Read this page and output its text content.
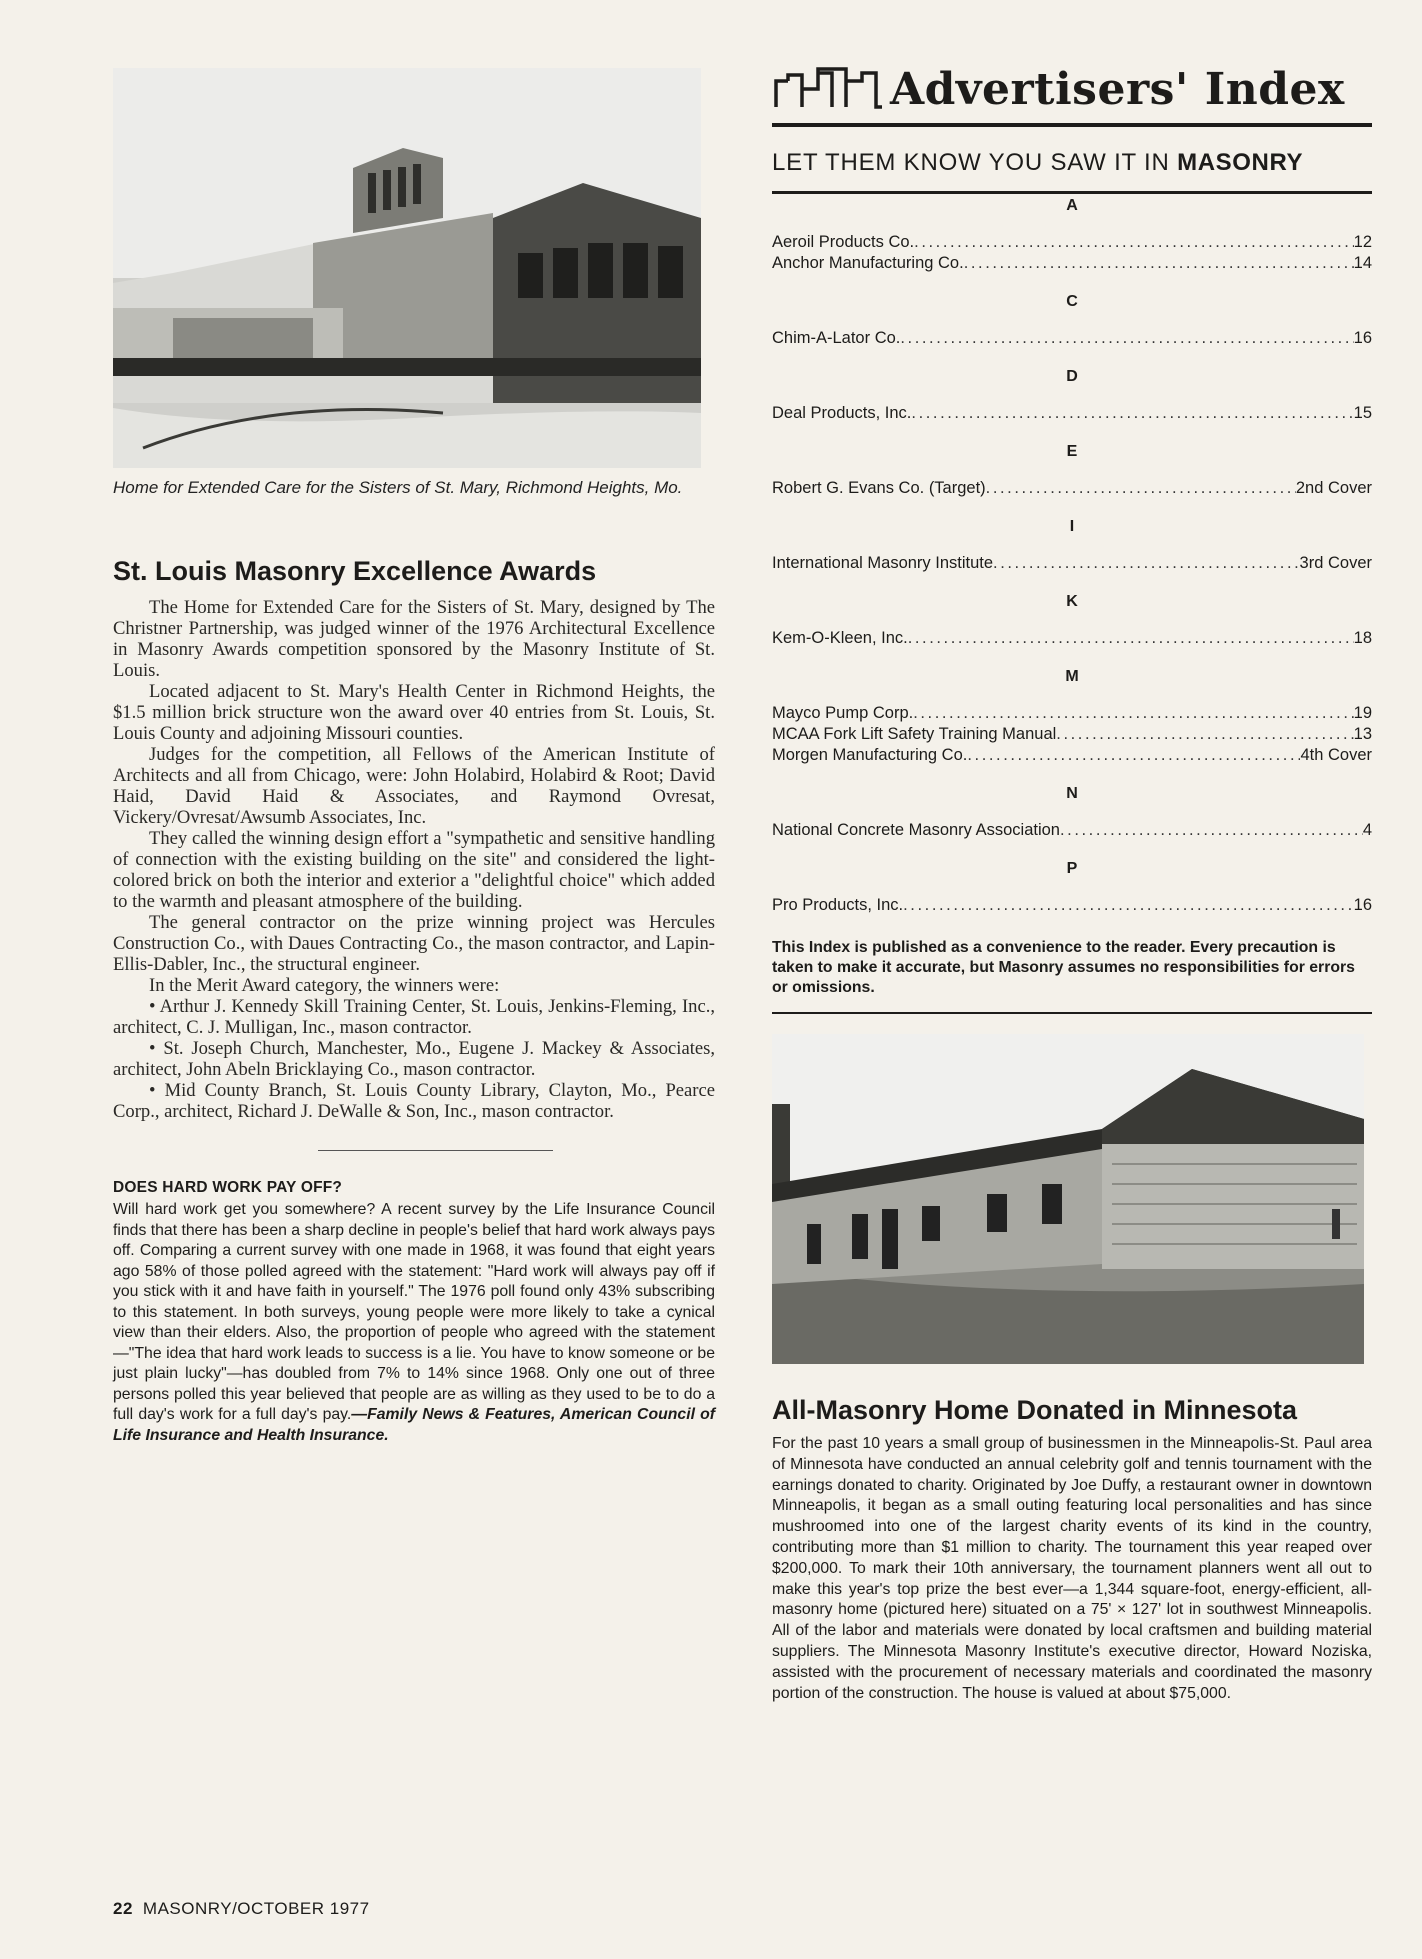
Home for Extended Care for the Sisters of St. Mary, Richmond Heights, Mo.
St. Louis Masonry Excellence Awards

The Home for Extended Care for the Sisters of St. Mary, designed by The Christner Partnership, was judged winner of the 1976 Architectural Excellence in Masonry Awards competition sponsored by the Masonry Institute of St. Louis.

Located adjacent to St. Mary's Health Center in Richmond Heights, the $1.5 million brick structure won the award over 40 entries from St. Louis, St. Louis County and adjoining Missouri counties.

Judges for the competition, all Fellows of the American Institute of Architects and all from Chicago, were: John Holabird, Holabird & Root; David Haid, David Haid & Associates, and Raymond Ovresat, Vickery/Ovresat/Awsumb Associates, Inc.

They called the winning design effort a "sympathetic and sensitive handling of connection with the existing building on the site" and considered the light-colored brick on both the interior and exterior a "delightful choice" which added to the warmth and pleasant atmosphere of the building.

The general contractor on the prize winning project was Hercules Construction Co., with Daues Contracting Co., the mason contractor, and Lapin-Ellis-Dabler, Inc., the structural engineer.

In the Merit Award category, the winners were:

• Arthur J. Kennedy Skill Training Center, St. Louis, Jenkins-Fleming, Inc., architect, C. J. Mulligan, Inc., mason contractor.

• St. Joseph Church, Manchester, Mo., Eugene J. Mackey & Associates, architect, John Abeln Bricklaying Co., mason contractor.

• Mid County Branch, St. Louis County Library, Clayton, Mo., Pearce Corp., architect, Richard J. DeWalle & Son, Inc., mason contractor.

DOES HARD WORK PAY OFF?
Will hard work get you somewhere? A recent survey by the Life Insurance Council finds that there has been a sharp decline in people's belief that hard work always pays off. Comparing a current survey with one made in 1968, it was found that eight years ago 58% of those polled agreed with the statement: "Hard work will always pay off if you stick with it and have faith in yourself." The 1976 poll found only 43% subscribing to this statement. In both surveys, young people were more likely to take a cynical view than their elders. Also, the proportion of people who agreed with the statement—"The idea that hard work leads to success is a lie. You have to know someone or be just plain lucky"—has doubled from 7% to 14% since 1968. Only one out of three persons polled this year believed that people are as willing as they used to be to do a full day's work for a full day's pay.—Family News & Features, American Council of Life Insurance and Health Insurance.
22 MASONRY/OCTOBER 1977
Advertisers' Index
LET THEM KNOW YOU SAW IT IN MASONRY
A
Aeroil Products Co. . . .	12
Anchor Manufacturing Co. . . .	14
C
Chim-A-Lator Co. . . .	16
D
Deal Products, Inc. . . .	15
E
Robert G. Evans Co. (Target) . . .	2nd Cover
I
International Masonry Institute . . .	3rd Cover
K
Kem-O-Kleen, Inc. . . .	18
M
Mayco Pump Corp. . . .	19
MCAA Fork Lift Safety Training Manual . . .	13
Morgen Manufacturing Co. . . .	4th Cover
N
National Concrete Masonry Association . . .	4
P
Pro Products, Inc. . . .	16
This Index is published as a convenience to the reader. Every precaution is taken to make it accurate, but Masonry assumes no responsibilities for errors or omissions.
All-Masonry Home Donated in Minnesota
For the past 10 years a small group of businessmen in the Minneapolis-St. Paul area of Minnesota have conducted an annual celebrity golf and tennis tournament with the earnings donated to charity. Originated by Joe Duffy, a restaurant owner in downtown Minneapolis, it began as a small outing featuring local personalities and has since mushroomed into one of the largest charity events of its kind in the country, contributing more than $1 million to charity. The tournament this year reaped over $200,000. To mark their 10th anniversary, the tournament planners went all out to make this year's top prize the best ever—a 1,344 square-foot, energy-efficient, all-masonry home (pictured here) situated on a 75' × 127' lot in southwest Minneapolis. All of the labor and materials were donated by local craftsmen and building material suppliers. The Minnesota Masonry Institute's executive director, Howard Noziska, assisted with the procurement of necessary materials and coordinated the masonry portion of the construction. The house is valued at about $75,000.
